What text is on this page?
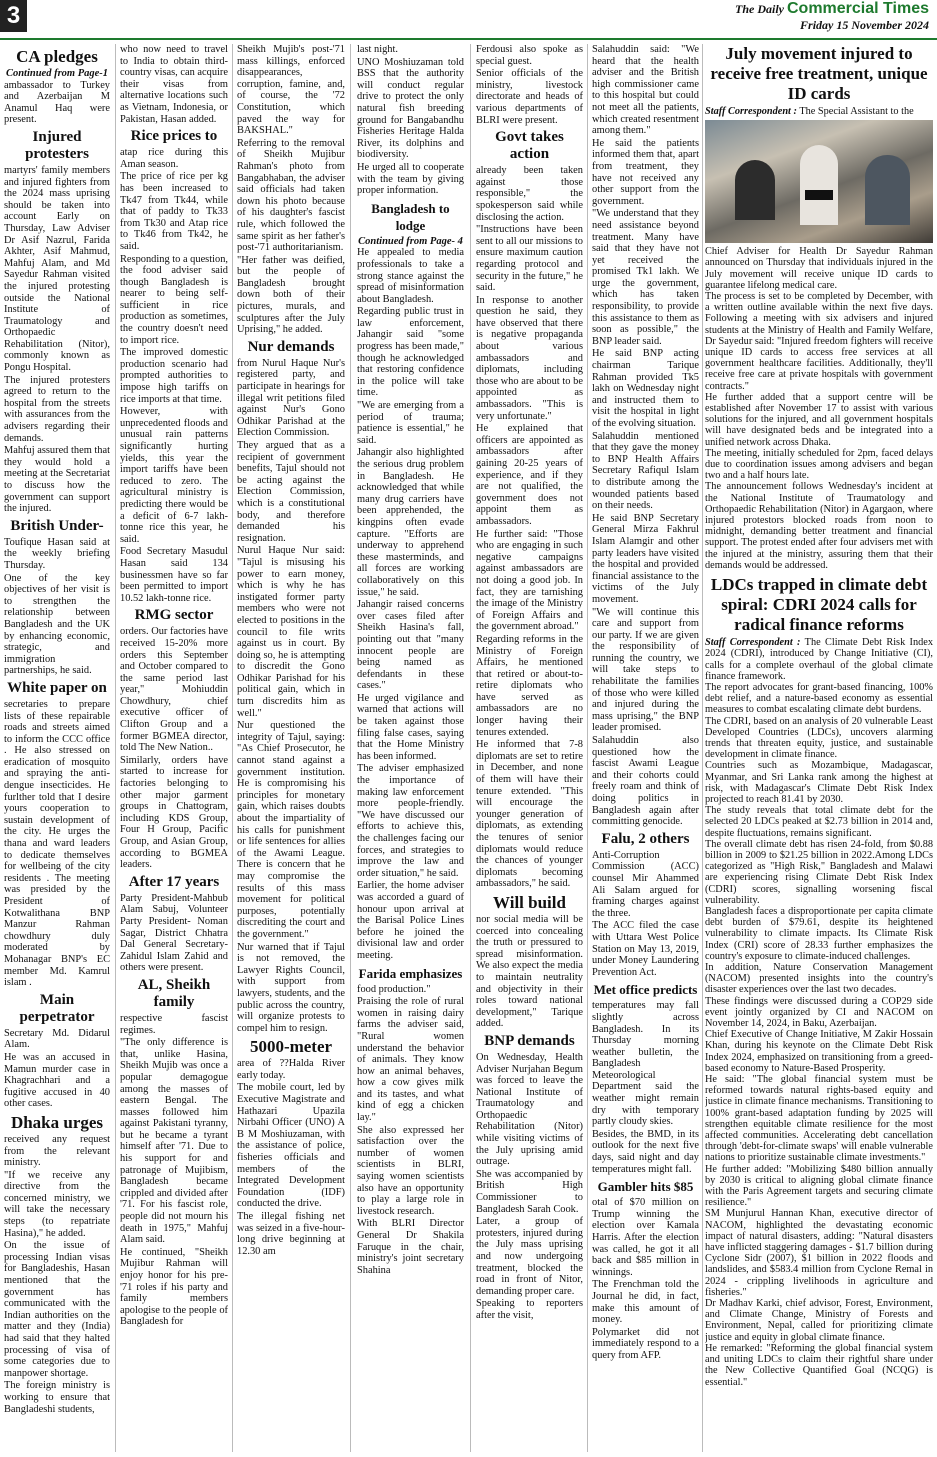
3	The Daily Commercial Times
Friday 15 November 2024
CA pledges
Continued from Page-1

ambassador to Turkey and Azerbaijan M Anamul Haq were present.

Injured protesters

martyrs' family members and injured fighters from the 2024 mass uprising should be taken into account Early on Thursday, Law Adviser Dr Asif Nazrul, Farida Akhter, Asif Mahmud, Mahfuj Alam, and Md Sayedur Rahman visited the injured protesting outside the National Institute of Traumatology and Orthopaedic Rehabilitation (Nitor), commonly known as Pongu Hospital.

The injured protesters agreed to return to the hospital from the streets with assurances from the advisers regarding their demands.

Mahfuj assured them that they would hold a meeting at the Secretariat to discuss how the government can support the injured.

British Under-

Toufique Hasan said at the weekly briefing Thursday.

One of the key objectives of her visit is to strengthen the relationship between Bangladesh and the UK by enhancing economic, strategic, and immigration partnerships, he said.

White paper on

secretaries to prepare lists of these repairable roads and streets aimed to inform the CCC office . He also stressed on eradication of mosquito and spraying the anti-dengue insecticides. He furlther told that I desire yours cooperation to sustain development of the city. He urges the thana and ward leaders to dedicate themselves for wellbeing of the city residents . The meeting was presided by the President of Kotwalithana BNP Manzur Rahman chowdhury duly moderated by Mohanagar BNP's EC member Md. Kamrul islam .

Main perpetrator

Secretary Md. Didarul Alam.

He was an accused in Mamun murder case in Khagrachhari and a fugitive accused in 40 other cases.

Dhaka urges

received any request from the relevant ministry.

"If we receive any directive from the concerned ministry, we will take the necessary steps (to repatriate Hasina)," he added.

On the issue of processing Indian visas for Bangladeshis, Hasan mentioned that the government has communicated with the Indian authorities on the matter and they (India) had said that they halted processing of visa of some categories due to manpower shortage.

The foreign ministry is working to ensure that Bangladeshi students,

who now need to travel to India to obtain third-country visas, can acquire their visas from alternative locations such as Vietnam, Indonesia, or Pakistan, Hasan added.

Rice prices to

atap rice during this Aman season.

The price of rice per kg has been increased to Tk47 from Tk44, while that of paddy to Tk33 from Tk30 and Atap rice to Tk46 from Tk42, he said.

Responding to a question, the food adviser said though Bangladesh is nearer to being self-sufficient in rice production as sometimes, the country doesn't need to import rice.

The improved domestic production scenario had prompted authorities to impose high tariffs on rice imports at that time.

However, with unprecedented floods and unusual rain patterns significantly hurting yields, this year the import tariffs have been reduced to zero. The agricultural ministry is predicting there would be a deficit of 6-7 lakh-tonne rice this year, he said.

Food Secretary Masudul Hasan said 134 businessmen have so far been permitted to import 10.52 lakh-tonne rice.

RMG sector

orders. Our factories have received 15-20% more orders this September and October compared to the same period last year," Mohiuddin Chowdhury, chief executive officer of Clifton Group and a former BGMEA director, told The New Nation..

Similarly, orders have started to increase for factories belonging to other major garment groups in Chattogram, including KDS Group, Four H Group, Pacific Group, and Asian Group, according to BGMEA leaders.

After 17 years

Party President-Mahbub Alam Sabuj, Volunteer Party President- Noman Sagar, District Chhatra Dal General Secretary-Zahidul Islam Zahid and others were present.

AL, Sheikh family

respective fascist regimes.

"The only difference is that, unlike Hasina, Sheikh Mujib was once a popular demagogue among the masses of eastern Bengal. The masses followed him against Pakistani tyranny, but he became a tyrant himself after '71. Due to his support for and patronage of Mujibism, Bangladesh became crippled and divided after '71. For his fascist role, people did not mourn his death in 1975," Mahfuj Alam said.

He continued, "Sheikh Mujibur Rahman will enjoy honor for his pre-'71 roles if his party and family members apologise to the people of Bangladesh for

Sheikh Mujib's post-'71 mass killings, enforced disappearances, corruption, famine, and, of course, the '72 Constitution, which paved the way for BAKSHAL."

Referring to the removal of Sheikh Mujibur Rahman's photo from Bangabhaban, the adviser said officials had taken down his photo because of his daughter's fascist rule, which followed the same spirit as her father's post-'71 authoritarianism.

"Her father was deified, but the people of Bangladesh brought down both of their pictures, murals, and sculptures after the July Uprising," he added.

Nur demands

from Nurul Haque Nur's registered party, and participate in hearings for illegal writ petitions filed against Nur's Gono Odhikar Parishad at the Election Commission.

They argued that as a recipient of government benefits, Tajul should not be acting against the Election Commission, which is a constitutional body, and therefore demanded his resignation.

Nurul Haque Nur said: "Tajul is misusing his power to earn money, which is why he has instigated former party members who were not elected to positions in the council to file writs against us in court. By doing so, he is attempting to discredit the Gono Odhikar Parishad for his political gain, which in turn discredits him as well."

Nur questioned the integrity of Tajul, saying: "As Chief Prosecutor, he cannot stand against a government institution. He is compromising his principles for monetary gain, which raises doubts about the impartiality of his calls for punishment or life sentences for allies of the Awami League. There is concern that he may compromise the results of this mass movement for political purposes, potentially discrediting the court and the government."

Nur warned that if Tajul is not removed, the Lawyer Rights Council, with support from lawyers, students, and the public across the country, will organize protests to compel him to resign.

5000-meter

area of ??Halda River early today.

The mobile court, led by Executive Magistrate and Hathazari Upazila Nirbahi Officer (UNO) A B M Moshiuzaman, with the assistance of police, fisheries officials and members of the Integrated Development Foundation (IDF) conducted the drive.

The illegal fishing net was seized in a five-hour-long drive beginning at 12.30 am

last night.

UNO Moshiuzaman told BSS that the authority will conduct regular drive to protect the only natural fish breeding ground for Bangabandhu Fisheries Heritage Halda River, its dolphins and biodiversity.

He urged all to cooperate with the team by giving proper information.

Bangladesh to lodge
Continued from Page- 4

He appealed to media professionals to take a strong stance against the spread of misinformation about Bangladesh.

Regarding public trust in law enforcement, Jahangir said "some progress has been made," though he acknowledged that restoring confidence in the police will take time.

"We are emerging from a period of trauma; patience is essential," he said.

Jahangir also highlighted the serious drug problem in Bangladesh. He acknowledged that while many drug carriers have been apprehended, the kingpins often evade capture. "Efforts are underway to apprehend these masterminds, and all forces are working collaboratively on this issue," he said.

Jahangir raised concerns over cases filed after Sheikh Hasina's fall, pointing out that "many innocent people are being named as defendants in these cases."

He urged vigilance and warned that actions will be taken against those filing false cases, saying that the Home Ministry has been informed.

The adviser emphasized the importance of making law enforcement more people-friendly. "We have discussed our efforts to achieve this, the challenges facing our forces, and strategies to improve the law and order situation," he said.

Earlier, the home adviser was accorded a guard of honour upon arrival at the Barisal Police Lines before he joined the divisional law and order meeting.

Farida emphasizes

food production."

Praising the role of rural women in raising dairy farms the adviser said, "Rural women understand the behavior of animals. They know how an animal behaves, how a cow gives milk and its tastes, and what kind of egg a chicken lay."

She also expressed her satisfaction over the number of women scientists in BLRI, saying women scientists also have an opportunity to play a large role in livestock research.

With BLRI Director General Dr Shakila Faruque in the chair, ministry's joint secretary Shahina

Ferdousi also spoke as special guest.

Senior officials of the ministry, livestock directorate and heads of various departments of BLRI were present.

Govt takes action

already been taken against those responsible," the spokesperson said while disclosing the action.

"Instructions have been sent to all our missions to ensure maximum caution regarding protocol and security in the future," he said.

In response to another question he said, they have observed that there is negative propaganda about various ambassadors and diplomats, including those who are about to be appointed as ambassadors. "This is very unfortunate."

He explained that officers are appointed as ambassadors after gaining 20-25 years of experience, and if they are not qualified, the government does not appoint them as ambassadors.

He further said: "Those who are engaging in such negative campaigns against ambassadors are not doing a good job. In fact, they are tarnishing the image of the Ministry of Foreign Affairs and the government abroad."

Regarding reforms in the Ministry of Foreign Affairs, he mentioned that retired or about-to-retire diplomats who have served as ambassadors are no longer having their tenures extended.

He informed that 7-8 diplomats are set to retire in December, and none of them will have their tenure extended. "This will encourage the younger generation of diplomats, as extending the tenures of senior diplomats would reduce the chances of younger diplomats becoming ambassadors," he said.

Will build

nor social media will be coerced into concealing the truth or pressured to spread misinformation. We also expect the media to maintain neutrality and objectivity in their roles toward national development," Tarique added.

BNP demands

On Wednesday, Health Adviser Nurjahan Begum was forced to leave the National Institute of Traumatology and Orthopaedic Rehabilitation (Nitor) while visiting victims of the July uprising amid outrage.

She was accompanied by British High Commissioner to Bangladesh Sarah Cook.

Later, a group of protesters, injured during the July mass uprising and now undergoing treatment, blocked the road in front of Nitor, demanding proper care.

Speaking to reporters after the visit,

Salahuddin said: "We heard that the health adviser and the British high commissioner came to this hospital but could not meet all the patients, which created resentment among them."

He said the patients informed them that, apart from treatment, they have not received any other support from the government.

"We understand that they need assistance beyond treatment. Many have said that they have not yet received the promised Tk1 lakh. We urge the government, which has taken responsibility, to provide this assistance to them as soon as possible," the BNP leader said.

He said BNP acting chairman Tarique Rahman provided Tk5 lakh on Wednesday night and instructed them to visit the hospital in light of the evolving situation.

Salahuddin mentioned that they gave the money to BNP Health Affairs Secretary Rafiqul Islam to distribute among the wounded patients based on their needs.

He said BNP Secretary General Mirza Fakhrul Islam Alamgir and other party leaders have visited the hospital and provided financial assistance to the victims of the July movement.

"We will continue this care and support from our party. If we are given the responsibility of running the country, we will take steps to rehabilitate the families of those who were killed and injured during the mass uprising," the BNP leader promised.

Salahuddin also questioned how the fascist Awami League and their cohorts could freely roam and think of doing politics in Bangladesh again after committing genocide.

Falu, 2 others

Anti-Corruption Commission (ACC) counsel Mir Ahammed Ali Salam argued for framing charges against the three.

The ACC filed the case with Uttara West Police Station on May 13, 2019, under Money Laundering Prevention Act.

Met office predicts

temperatures may fall slightly across Bangladesh. In its Thursday morning weather bulletin, the Bangladesh Meteorological Department said the weather might remain dry with temporary partly cloudy skies.

Besides, the BMD, in its outlook for the next five days, said night and day temperatures might fall.

Gambler hits $85

otal of $70 million on Trump winning the election over Kamala Harris. After the election was called, he got it all back and $85 million in winnings.

The Frenchman told the Journal he did, in fact, make this amount of money.

Polymarket did not immediately respond to a query from AFP.

July movement injured to receive free treatment, unique ID cards

Staff Correspondent : The Special Assistant to the

Chief Adviser for Health Dr Sayedur Rahman announced on Thursday that individuals injured in the July movement will receive unique ID cards to guarantee lifelong medical care.

The process is set to be completed by December, with a written outline available within the next five days. Following a meeting with six advisers and injured students at the Ministry of Health and Family Welfare, Dr Sayedur said: "Injured freedom fighters will receive unique ID cards to access free services at all government healthcare facilities. Additionally, they'll receive free care at private hospitals with government contracts."

He further added that a support centre will be established after November 17 to assist with various solutions for the injured, and all government hospitals will have designated beds and be integrated into a unified network across Dhaka.

The meeting, initially scheduled for 2pm, faced delays due to coordination issues among advisers and began two and a half hours late.

The announcement follows Wednesday's incident at the National Institute of Traumatology and Orthopaedic Rehabilitation (Nitor) in Agargaon, where injured protestors blocked roads from noon to midnight, demanding better treatment and financial support. The protest ended after four advisers met with the injured at the ministry, assuring them that their demands would be addressed.

LDCs trapped in climate debt spiral: CDRI 2024 calls for radical finance reforms

Staff Correspondent : The Climate Debt Risk Index 2024 (CDRI), introduced by Change Initiative (CI), calls for a complete overhaul of the global climate finance framework.

The report advocates for grant-based financing, 100% debt relief, and a nature-based economy as essential measures to combat escalating climate debt burdens.

The CDRI, based on an analysis of 20 vulnerable Least Developed Countries (LDCs), uncovers alarming trends that threaten equity, justice, and sustainable development in climate finance.

Countries such as Mozambique, Madagascar, Myanmar, and Sri Lanka rank among the highest at risk, with Madagascar's Climate Debt Risk Index projected to reach 81.41 by 2030.

The study reveals that total climate debt for the selected 20 LDCs peaked at $2.73 billion in 2014 and, despite fluctuations, remains significant.

The overall climate debt has risen 24-fold, from $0.88 billion in 2009 to $21.25 billion in 2022.Among LDCs categorized as "High Risk," Bangladesh and Malawi are experiencing rising Climate Debt Risk Index (CDRI) scores, signalling worsening fiscal vulnerability.

Bangladesh faces a disproportionate per capita climate debt burden of $79.61, despite its heightened vulnerability to climate impacts. Its Climate Risk Index (CRI) score of 28.33 further emphasizes the country's exposure to climate-induced challenges.

In addition, Nature Conservation Management (NACOM) presented insights into the country's disaster experiences over the last two decades.

These findings were discussed during a COP29 side event jointly organized by CI and NACOM on November 14, 2024, in Baku, Azerbaijan.

Chief Executive of Change Initiative, M Zakir Hossain Khan, during his keynote on the Climate Debt Risk Index 2024, emphasized on transitioning from a greed-based economy to Nature-Based Prosperity.

He said: "The global financial system must be reformed towards natural rights-based equity and justice in climate finance mechanisms. Transitioning to 100% grant-based adaptation funding by 2025 will strengthen equitable climate resilience for the most affected communities. Accelerating debt cancellation through 'debt-for-climate swaps' will enable vulnerable nations to prioritize sustainable climate investments."

He further added: "Mobilizing $480 billion annually by 2030 is critical to aligning global climate finance with the Paris Agreement targets and securing climate resilience."

SM Munjurul Hannan Khan, executive director of NACOM, highlighted the devastating economic impact of natural disasters, adding: "Natural disasters have inflicted staggering damages - $1.7 billion during Cyclone Sidr (2007), $1 billion in 2022 floods and landslides, and $583.4 million from Cyclone Remal in 2024 - crippling livelihoods in agriculture and fisheries."

Dr Madhav Karki, chief advisor, Forest, Environment, and Climate Change, Ministry of Forests and Environment, Nepal, called for prioritizing climate justice and equity in global climate finance.

He remarked: "Reforming the global financial system and uniting LDCs to claim their rightful share under the New Collective Quantified Goal (NCQG) is essential."
